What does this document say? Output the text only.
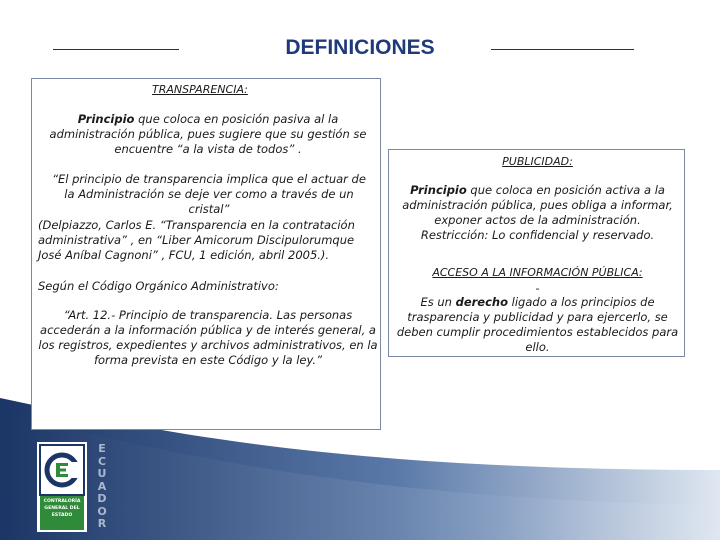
DEFINICIONES
TRANSPARENCIA:
Principio que coloca en posición pasiva al la administración pública, pues sugiere que su gestión se encuentre “a la vista de todos” .
“El principio de transparencia implica que el actuar de la Administración se deje ver como a través de un cristal”
(Delpiazzo, Carlos E. “Transparencia en la contratación administrativa” , en “Liber Amicorum Discipulorumque José Aníbal Cagnoni” , FCU, 1 edición, abril 2005.).
Según el Código Orgánico Administrativo:
“Art. 12.- Principio de transparencia. Las personas accederán a la información pública y de interés general, a los registros, expedientes y archivos administrativos, en la forma prevista en este Código y la ley.”
PUBLICIDAD:
Principio que coloca en posición activa a la administración pública, pues obliga a informar, exponer actos de la administración.
Restricción: Lo confidencial y reservado.
ACCESO A LA INFORMACIÓN PÚBLICA:
-
Es un derecho ligado a los principios de trasparencia y publicidad y para ejercerlo, se deben cumplir procedimientos establecidos para ello.
CONTRALORÍA GENERAL DEL ESTADO
E
C
U
A
D
O
R
